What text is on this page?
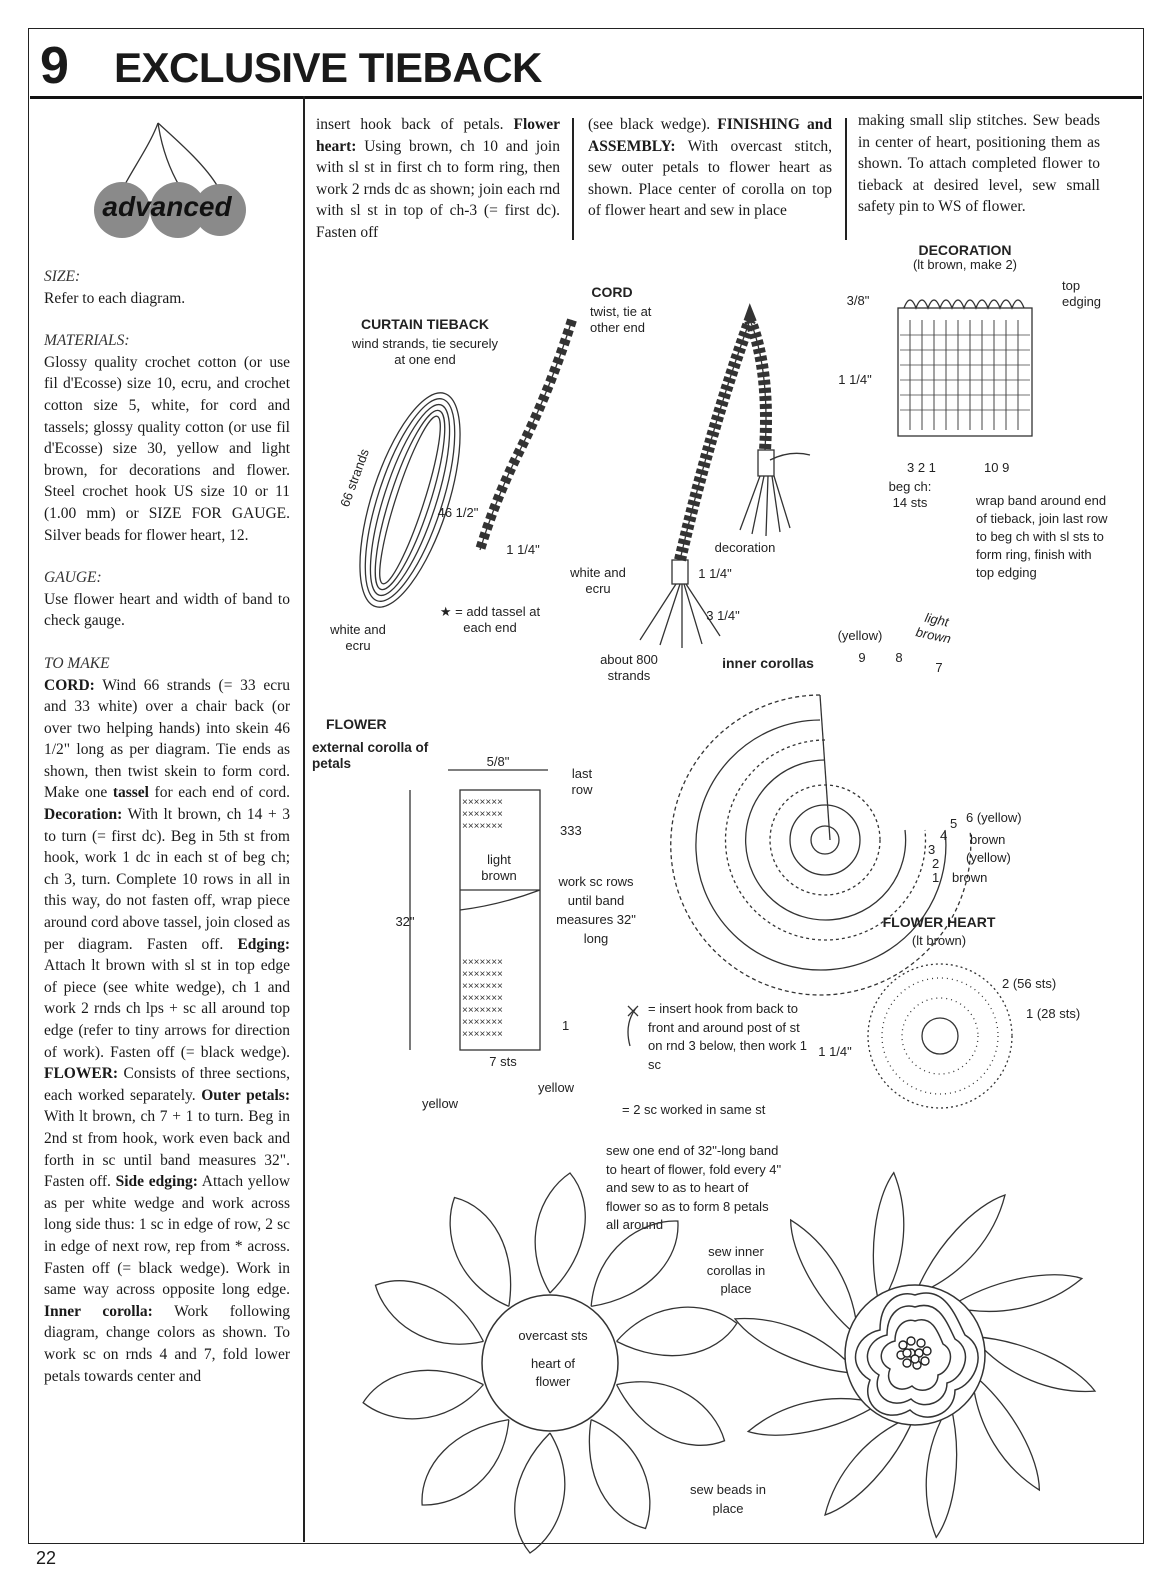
9 EXCLUSIVE TIEBACK
advanced

SIZE:

Refer to each diagram.

MATERIALS:

Glossy quality crochet cotton (or use fil d'Ecosse) size 10, ecru, and crochet cotton size 5, white, for cord and tassels; glossy quality cotton (or use fil d'Ecosse) size 30, yellow and light brown, for decorations and flower. Steel crochet hook US size 10 or 11 (1.00 mm) or SIZE FOR GAUGE. Silver beads for flower heart, 12.

GAUGE:

Use flower heart and width of band to check gauge.

TO MAKE

CORD: Wind 66 strands (= 33 ecru and 33 white) over a chair back (or over two helping hands) into skein 46 1/2" long as per diagram. Tie ends as shown, then twist skein to form cord. Make one tassel for each end of cord. Decoration: With lt brown, ch 14 + 3 to turn (= first dc). Beg in 5th st from hook, work 1 dc in each st of beg ch; ch 3, turn. Complete 10 rows in all in this way, do not fasten off, wrap piece around cord above tassel, join closed as per diagram. Fasten off. Edging: Attach lt brown with sl st in top edge of piece (see white wedge), ch 1 and work 2 rnds ch lps + sc all around top edge (refer to tiny arrows for direction of work). Fasten off (= black wedge). FLOWER: Consists of three sections, each worked separately. Outer petals: With lt brown, ch 7 + 1 to turn. Beg in 2nd st from hook, work even back and forth in sc until band measures 32". Fasten off. Side edging: Attach yellow as per white wedge and work across long side thus: 1 sc in edge of row, 2 sc in edge of next row, rep from * across. Fasten off (= black wedge). Work in same way across opposite long edge. Inner corolla: Work following diagram, change colors as shown. To work sc on rnds 4 and 7, fold lower petals towards center and

insert hook back of petals. Flower heart: Using brown, ch 10 and join with sl st in first ch to form ring, then work 2 rnds dc as shown; join each rnd with sl st in top of ch-3 (= first dc). Fasten off

(see black wedge). FINISHING and ASSEMBLY: With overcast stitch, sew outer petals to flower heart as shown. Place center of corolla on top of flower heart and sew in place

making small slip stitches. Sew beads in center of heart, positioning them as shown. To attach completed flower to tieback at desired level, sew small safety pin to WS of flower.

CURTAIN TIEBACK
wind strands, tie securely at one end
66 strands
46 1/2"
1 1/4"
white and ecru
★ = add tassel at each end
CORD
twist, tie at other end
decoration
white and ecru
1 1/4"
3 1/4"
about 800 strands
DECORATION
(lt brown, make 2)
3/8"
1 1/4"
top edging
3 2 1	10 9
beg ch: 14 sts	wrap band around end of tieback, join last row to beg ch with sl sts to form ring, finish with top edging
FLOWER
external corolla of petals
×××××××
×××××××
×××××××
×××××××
×××××××
×××××××
×××××××
×××××××
×××××××
×××××××
5/8"
last row
333
light brown
32"
work sc rows until band measures 32" long
7 sts
1
yellow
yellow
(yellow)
light brown
inner corollas	9 8
7
6 (yellow)
5
4	brown
3
(yellow)
2
1 brown
= insert hook from back to front and around post of st on rnd 3 below, then work 1 sc
= 2 sc worked in same st
FLOWER HEART
(lt brown)
2 (56 sts)
1 (28 sts)
1 1/4"
sew one end of 32"-long band to heart of flower, fold every 4" and sew to as to heart of flower so as to form 8 petals all around
sew inner corollas in place
overcast sts
heart of flower
sew beads in place
22
